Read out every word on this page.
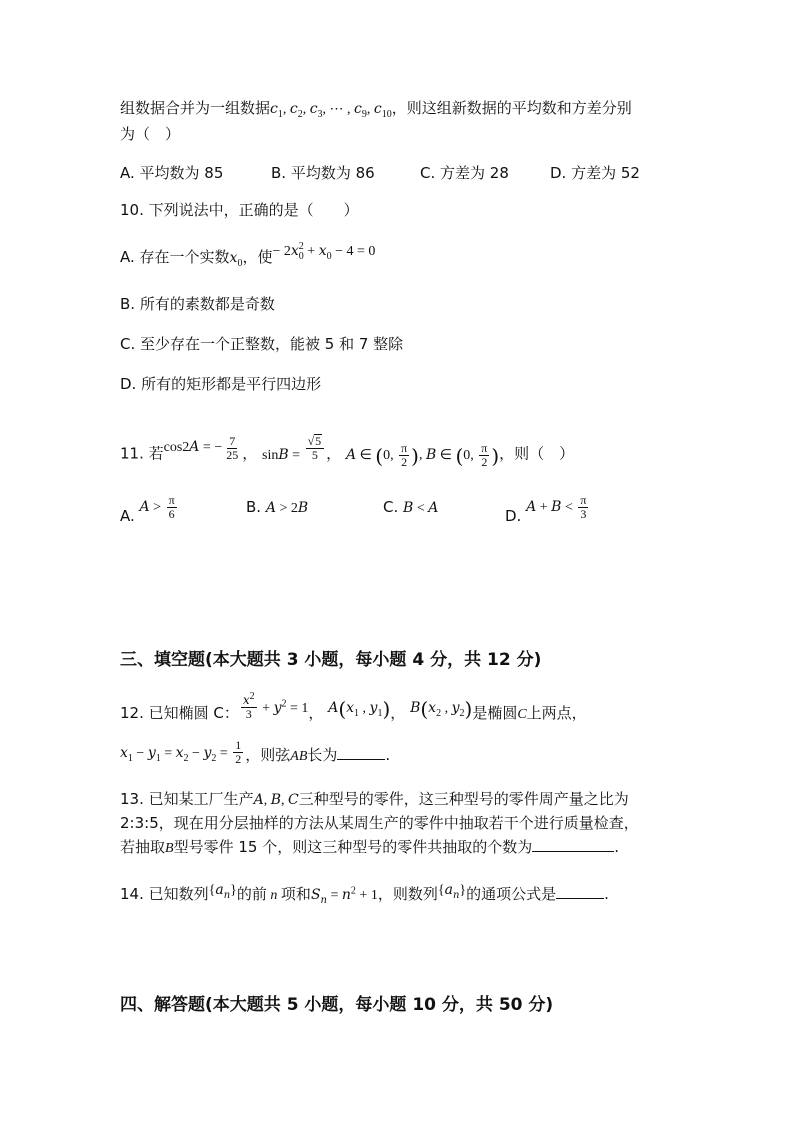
组数据合并为一组数据$c_1$, $c_2$, $c_3$, ⋯ , $c_9$, $c_{10}$，则这组新数据的平均数和方差分别
为（　）
A. 平均数为 85	B. 平均数为 86	C. 方差为 28	D. 方差为 52
10. 下列说法中，正确的是（　　）
A. 存在一个实数$x_0$，使− $2x_0^2 + x_0 - 4 = 0$
B. 所有的素数都是奇数
C. 至少存在一个正整数，能被 5 和 7 整除
D. 所有的矩形都是平行四边形
11. 若cos2A = − $\frac{7}{25}$ ， $\sin B = \frac{√5}{5}$ ， A ∈ (0, $\frac{\pi}{2}$ ), B ∈ (0, $\frac{\pi}{2}$ )，则（　）
A. $A > \frac{\pi}{6}$	B. A > 2B	C. B < A	D. $A + B < \frac{\pi}{3}$
三、填空题(本大题共 3 小题，每小题 4 分，共 12 分)
12. 已知椭圆 C： $\frac{x^2}{3} + y^2 = 1$， $A(x_1$ , $y_1$)， $B(x_2$ , $y_2$)是椭圆C上两点，
$x_1 - y_1 = x_2 - y_2 = \frac{1}{2}$ ，则弦AB长为	.
13. 已知某工厂生产A, B, C三种型号的零件，这三种型号的零件周产量之比为
2:3:5，现在用分层抽样的方法从某周生产的零件中抽取若干个进行质量检查，
若抽取B型号零件 15 个，则这三种型号的零件共抽取的个数为	.
14. 已知数列$\{a_n\}$的前 n 项和$S_n = n^2 + 1$，则数列$\{a_n\}$的通项公式是	.
四、解答题(本大题共 5 小题，每小题 10 分，共 50 分)
